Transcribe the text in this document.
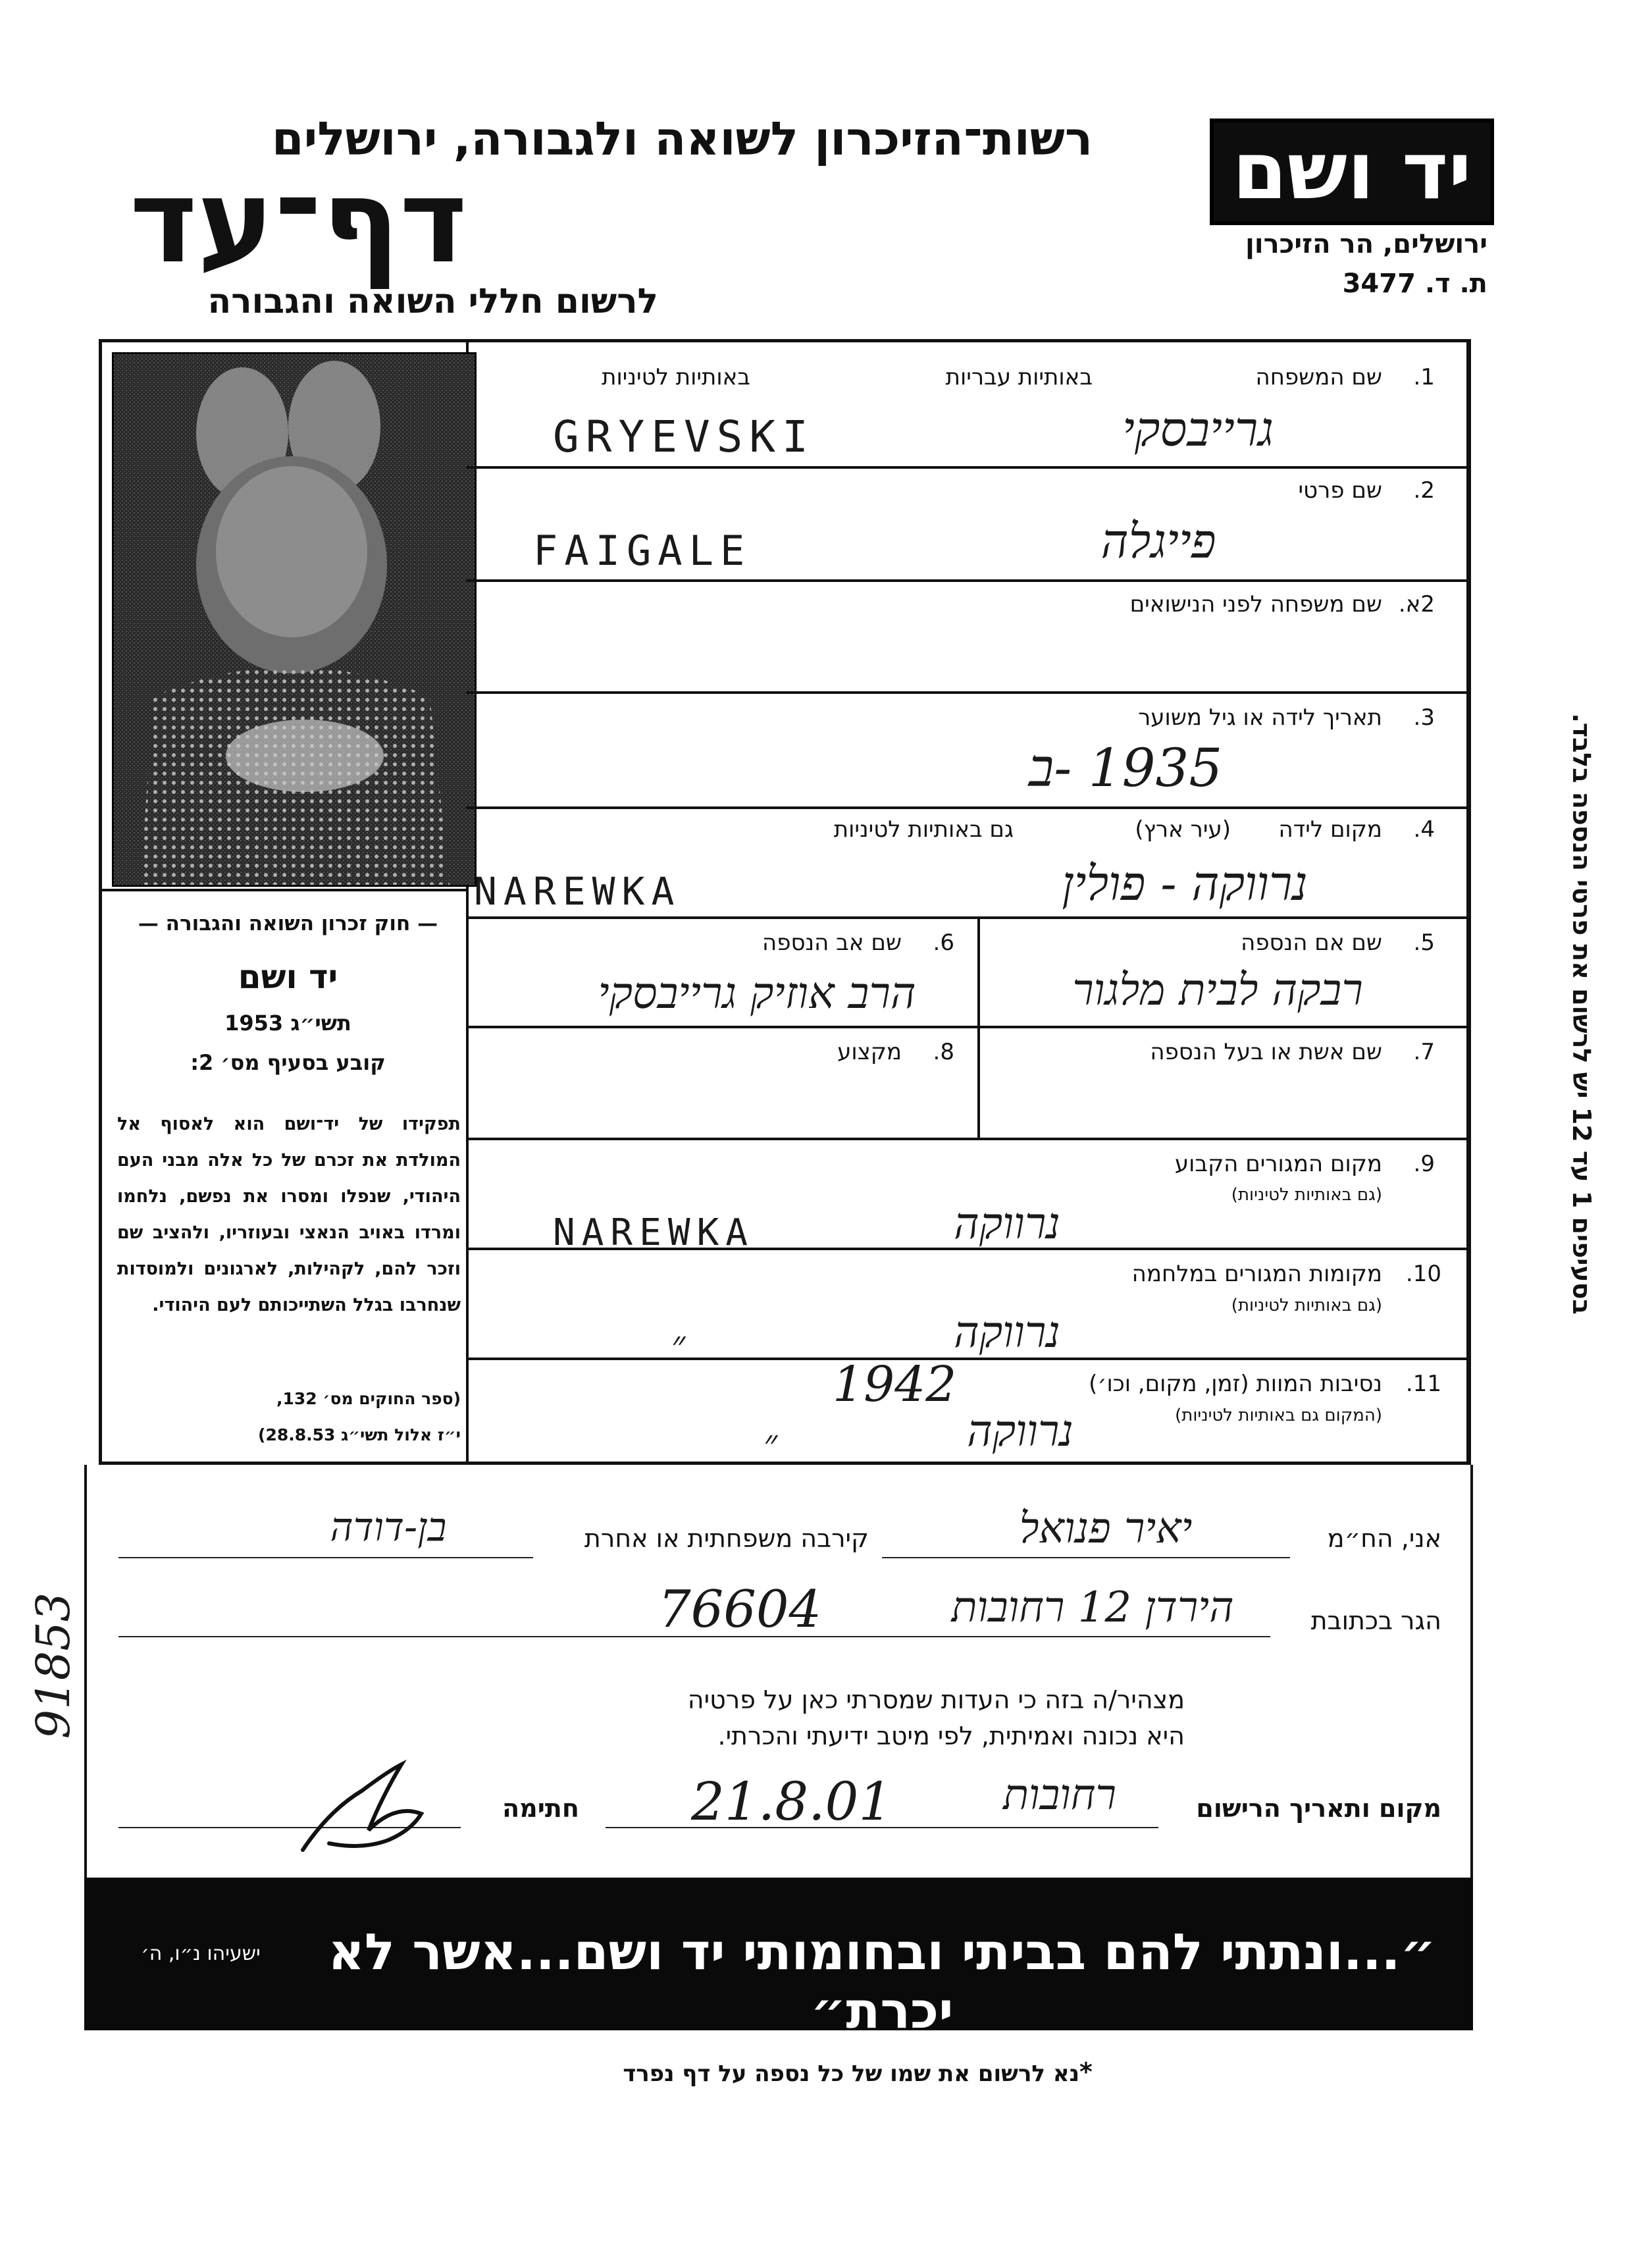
רשות־הזיכרון לשואה ולגבורה, ירושלים
דף־עד
לרשום חללי השואה והגבורה
יד ושם
ירושלים, הר הזיכרון
ת. ד. 3477
— חוק זכרון השואה והגבורה —
יד ושם
תשי״ג 1953
קובע בסעיף מס׳ 2:
תפקידו של יד־ושם הוא לאסוף אל המולדת את זכרם של כל אלה מבני העם היהודי, שנפלו ומסרו את נפשם, נלחמו ומרדו באויב הנאצי ובעוזריו, ולהציב שם וזכר להם, לקהילות, לארגונים ולמוסדות שנחרבו בגלל השתייכותם לעם היהודי.
(ספר החוקים מס׳ 132,
י״ז אלול תשי״ג 28.8.53)
1.
שם המשפחה
באותיות עבריות
באותיות לטיניות
גרייבסקי
GRYEVSKI
2.
שם פרטי
פייגלה
FAIGALE
2א.
שם משפחה לפני הנישואים
3.
תאריך לידה או גיל משוער
1935 -ב
4.
מקום לידה
(עיר ארץ)
גם באותיות לטיניות
נרווקה - פולין
NAREWKA
5.
שם אם הנספה
רבקה לבית מלגור
6.
שם אב הנספה
הרב אוזיק גרייבסקי
7.
שם אשת או בעל הנספה
8.
מקצוע
9.
מקום המגורים הקבוע
(גם באותיות לטיניות)
נרווקה
NAREWKA
10.
מקומות המגורים במלחמה
(גם באותיות לטיניות)
נרווקה
״
11.
נסיבות המוות (זמן, מקום, וכו׳)
(המקום גם באותיות לטיניות)
1942
נרווקה
״
אני, הח״מ
יאיר פנואל
קירבה משפחתית או אחרת
בן-דודה
הגר בכתובת
הירדן 12 רחובות
76604
מצהיר/ה בזה כי העדות שמסרתי כאן על פרטיה
היא נכונה ואמיתית, לפי מיטב ידיעתי והכרתי.
מקום ותאריך הרישום
רחובות
21.8.01
חתימה
״...ונתתי להם בביתי ובחומותי יד ושם...אשר לא יכרת״
ישעיהו נ״ו, ה׳
נא לרשום את שמו של כל נספה על דף נפרד *
בסעיפים 1 עד 12 יש לרשום את פרטי הנספה בלבד.
91853
